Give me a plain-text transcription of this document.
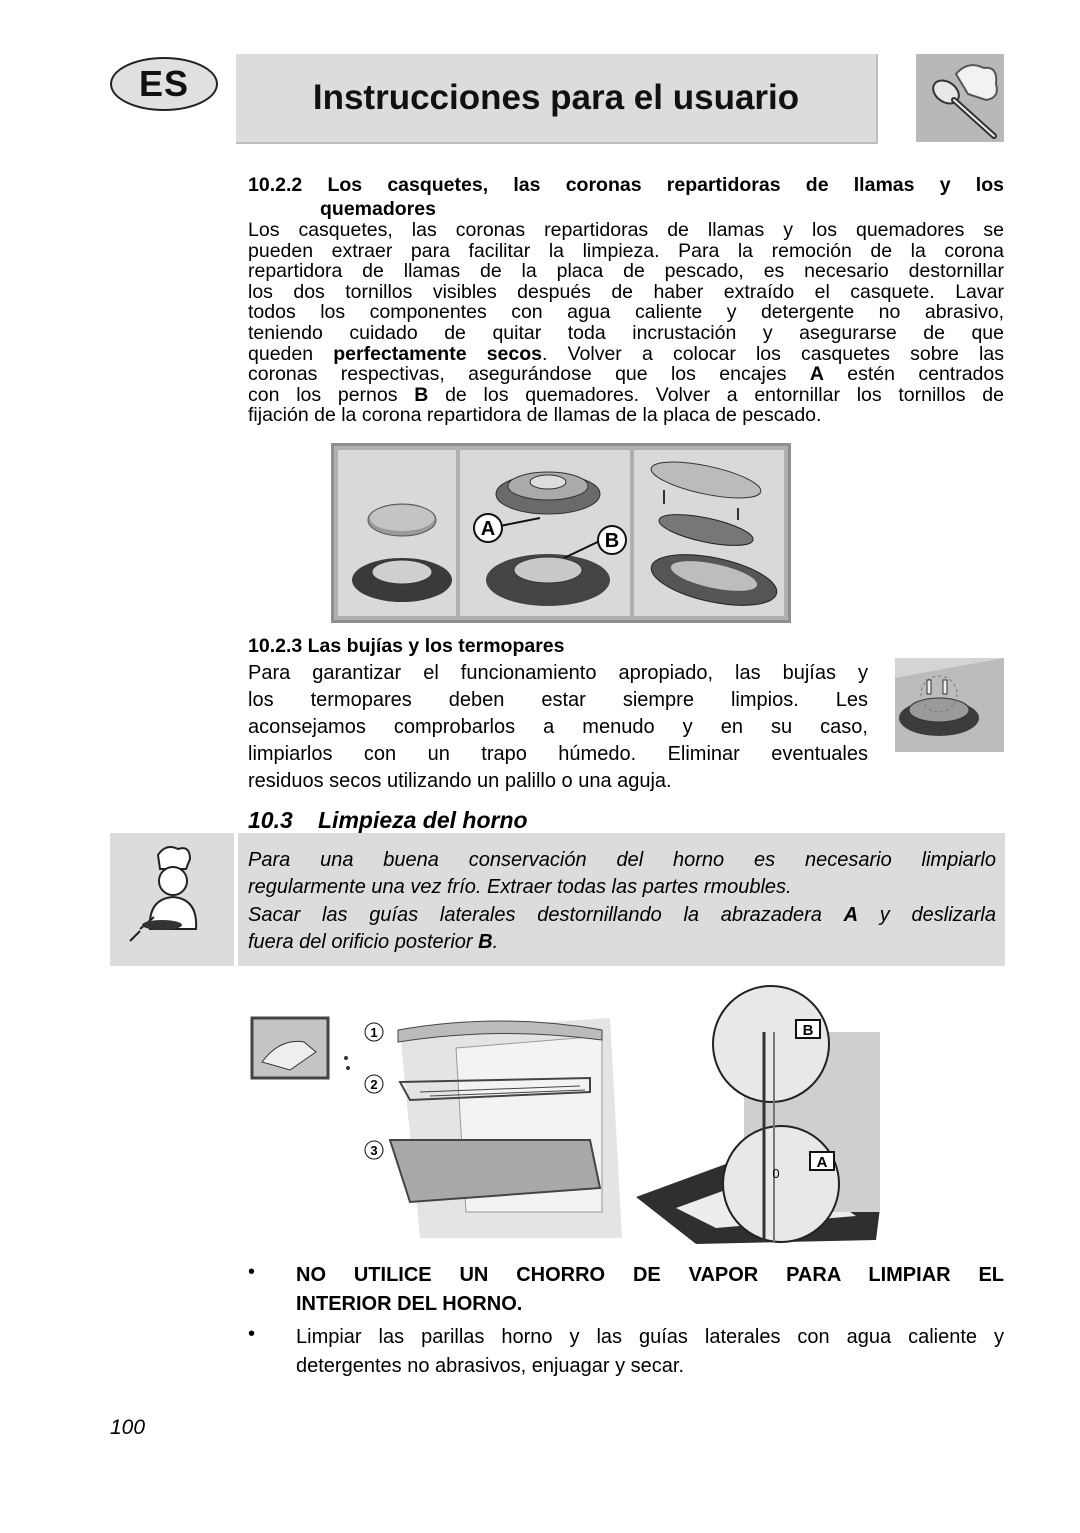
ES	Instrucciones para el usuario
10.2.2 Los casquetes, las coronas repartidoras de llamas y los
quemadores
Los casquetes, las coronas repartidoras de llamas y los quemadores se
pueden extraer para facilitar la limpieza. Para la remoción de la corona
repartidora de llamas de la placa de pescado, es necesario destornillar
los dos tornillos visibles después de haber extraído el casquete. Lavar
todos los componentes con agua caliente y detergente no abrasivo,
teniendo cuidado de quitar toda incrustación y asegurarse de que
queden perfectamente secos. Volver a colocar los casquetes sobre las
coronas respectivas, asegurándose que los encajes A estén centrados
con los pernos B de los quemadores. Volver a entornillar los tornillos de
fijación de la corona repartidora de llamas de la placa de pescado.
A
B
10.2.3 Las bujías y los termopares
Para garantizar el funcionamiento apropiado, las bujías y
los termopares deben estar siempre limpios. Les
aconsejamos comprobarlos a menudo y en su caso,
limpiarlos con un trapo húmedo. Eliminar eventuales
residuos secos utilizando un palillo o una aguja.
10.3 Limpieza del horno
Para una buena conservación del horno es necesario limpiarlo
regularmente una vez frío. Extraer todas las partes rmoubles.
Sacar las guías laterales destornillando la abrazadera A y deslizarla
fuera del orificio posterior B.
1
2
3
B
A
0
•	NO UTILICE UN CHORRO DE VAPOR PARA LIMPIAR EL
INTERIOR DEL HORNO.
•	Limpiar las parillas horno y las guías laterales con agua caliente y
detergentes no abrasivos, enjuagar y secar.
100
